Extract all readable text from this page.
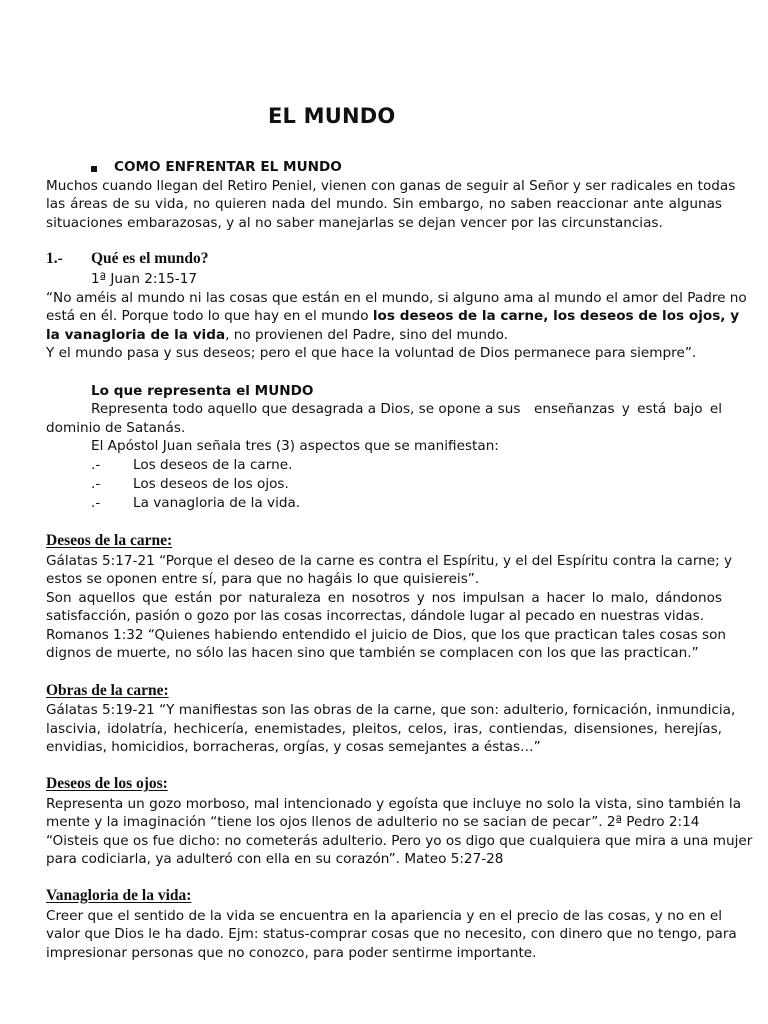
EL MUNDO
COMO ENFRENTAR EL MUNDO
Muchos cuando llegan del Retiro Peniel, vienen con ganas de seguir al Señor y ser radicales en todas
las áreas de su vida, no quieren nada del mundo. Sin embargo, no saben reaccionar ante algunas
situaciones embarazosas, y al no saber manejarlas se dejan vencer por las circunstancias.
1.- Qué es el mundo?
1ª Juan 2:15-17
“No améis al mundo ni las cosas que están en el mundo, si alguno ama al mundo el amor del Padre no
está en él. Porque todo lo que hay en el mundo los deseos de la carne, los deseos de los ojos, y
la vanagloria de la vida, no provienen del Padre, sino del mundo.
Y el mundo pasa y sus deseos; pero el que hace la voluntad de Dios permanece para siempre”.
Lo que representa el MUNDO
Representa todo aquello que desagrada a Dios, se opone a sus enseñanzas y está bajo el
dominio de Satanás.
El Apóstol Juan señala tres (3) aspectos que se manifiestan:
.- Los deseos de la carne.
.- Los deseos de los ojos.
.- La vanagloria de la vida.
Deseos de la carne:
Gálatas 5:17-21 “Porque el deseo de la carne es contra el Espíritu, y el del Espíritu contra la carne; y
estos se oponen entre sí, para que no hagáis lo que quisiereis”.
Son aquellos que están por naturaleza en nosotros y nos impulsan a hacer lo malo, dándonos
satisfacción, pasión o gozo por las cosas incorrectas, dándole lugar al pecado en nuestras vidas.
Romanos 1:32 “Quienes habiendo entendido el juicio de Dios, que los que practican tales cosas son
dignos de muerte, no sólo las hacen sino que también se complacen con los que las practican.”
Obras de la carne:
Gálatas 5:19-21 “Y manifiestas son las obras de la carne, que son: adulterio, fornicación, inmundicia,
lascivia, idolatría, hechicería, enemistades, pleitos, celos, iras, contiendas, disensiones, herejías,
envidias, homicidios, borracheras, orgías, y cosas semejantes a éstas…”
Deseos de los ojos:
Representa un gozo morboso, mal intencionado y egoísta que incluye no solo la vista, sino también la
mente y la imaginación “tiene los ojos llenos de adulterio no se sacian de pecar”. 2ª Pedro 2:14
“Oisteis que os fue dicho: no cometerás adulterio. Pero yo os digo que cualquiera que mira a una mujer
para codiciarla, ya adulteró con ella en su corazón”. Mateo 5:27-28
Vanagloria de la vida:
Creer que el sentido de la vida se encuentra en la apariencia y en el precio de las cosas, y no en el
valor que Dios le ha dado. Ejm: status-comprar cosas que no necesito, con dinero que no tengo, para
impresionar personas que no conozco, para poder sentirme importante.
